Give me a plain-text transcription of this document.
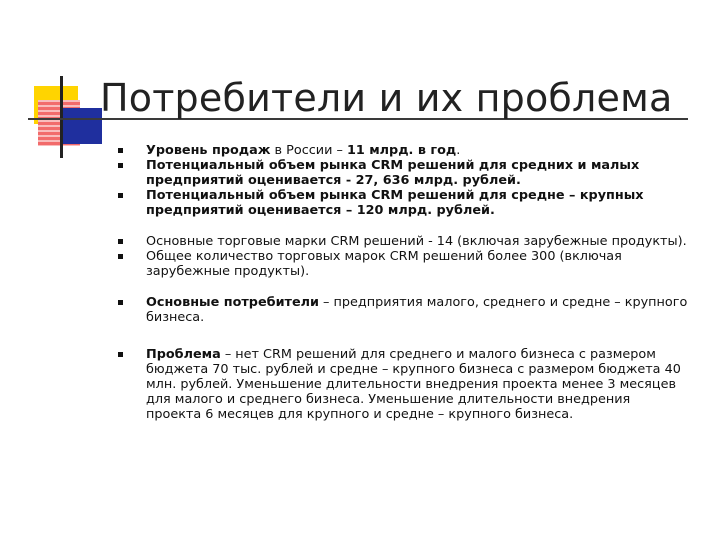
Потребители и их проблема
Уровень продаж в России – 11 млрд. в год.
Потенциальный объем рынка CRM решений для средних и малых предприятий оценивается - 27, 636 млрд. рублей.
Потенциальный объем рынка CRM решений для средне – крупных предприятий оценивается – 120 млрд. рублей.
Основные торговые марки CRM решений - 14 (включая зарубежные продукты).
Общее количество торговых марок CRM решений более 300 (включая зарубежные продукты).
Основные потребители – предприятия малого, среднего и средне – крупного бизнеса.
Проблема – нет CRM решений для среднего и малого бизнеса с размером бюджета 70 тыс. рублей и средне – крупного бизнеса с размером бюджета 40 млн. рублей. Уменьшение длительности внедрения проекта менее 3 месяцев для малого и среднего бизнеса. Уменьшение длительности внедрения проекта 6 месяцев для крупного и средне – крупного бизнеса.
